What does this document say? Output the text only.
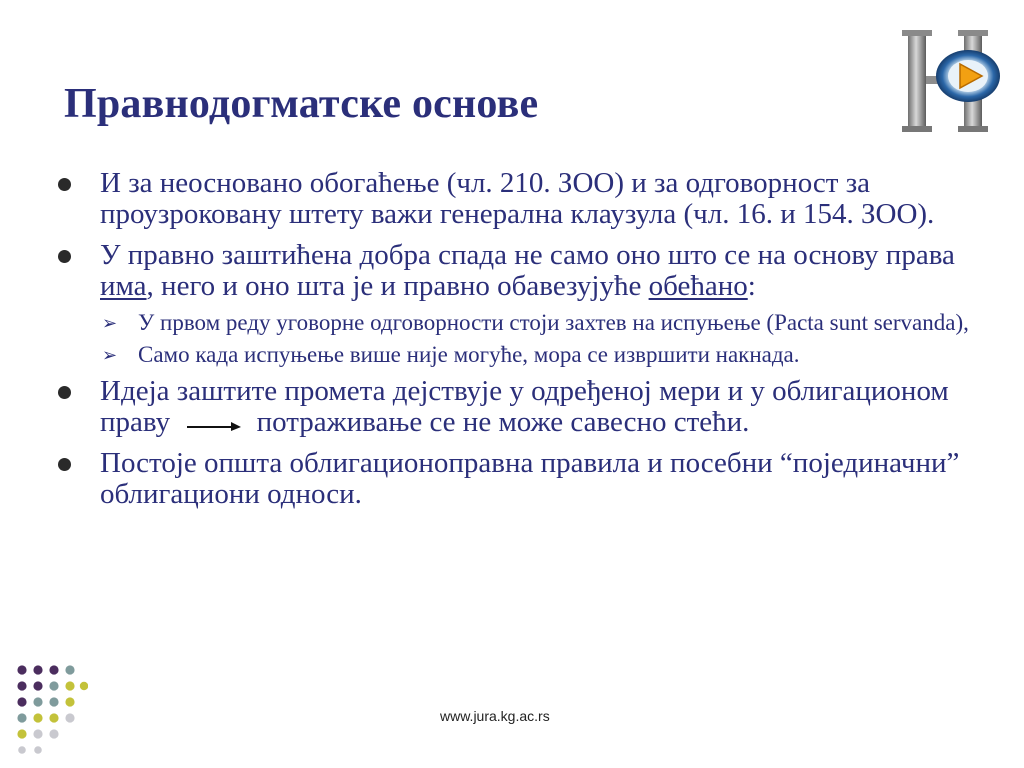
Правнодогматске основе
И за неосновано обогаћење (чл. 210. ЗОО) и за одговорност за проузроковану штету важи генерална клаузула (чл. 16. и 154. ЗОО).
У правно заштићена добра спада не само оно што се на основу права има, него и оно шта је и правно обавезујуће обећано:
➢ У првом реду уговорне одговорности стоји захтев на испуњење (Pacta sunt servanda),
➢ Само када испуњење више није могуће, мора се извршити накнада.
Идеја заштите промета дејствује у одређеној мери и у облигационом праву	потраживање се не може савесно стећи.
Постоје општа облигационоправна правила и посебни “појединачни” облигациони односи.
www.jura.kg.ac.rs
